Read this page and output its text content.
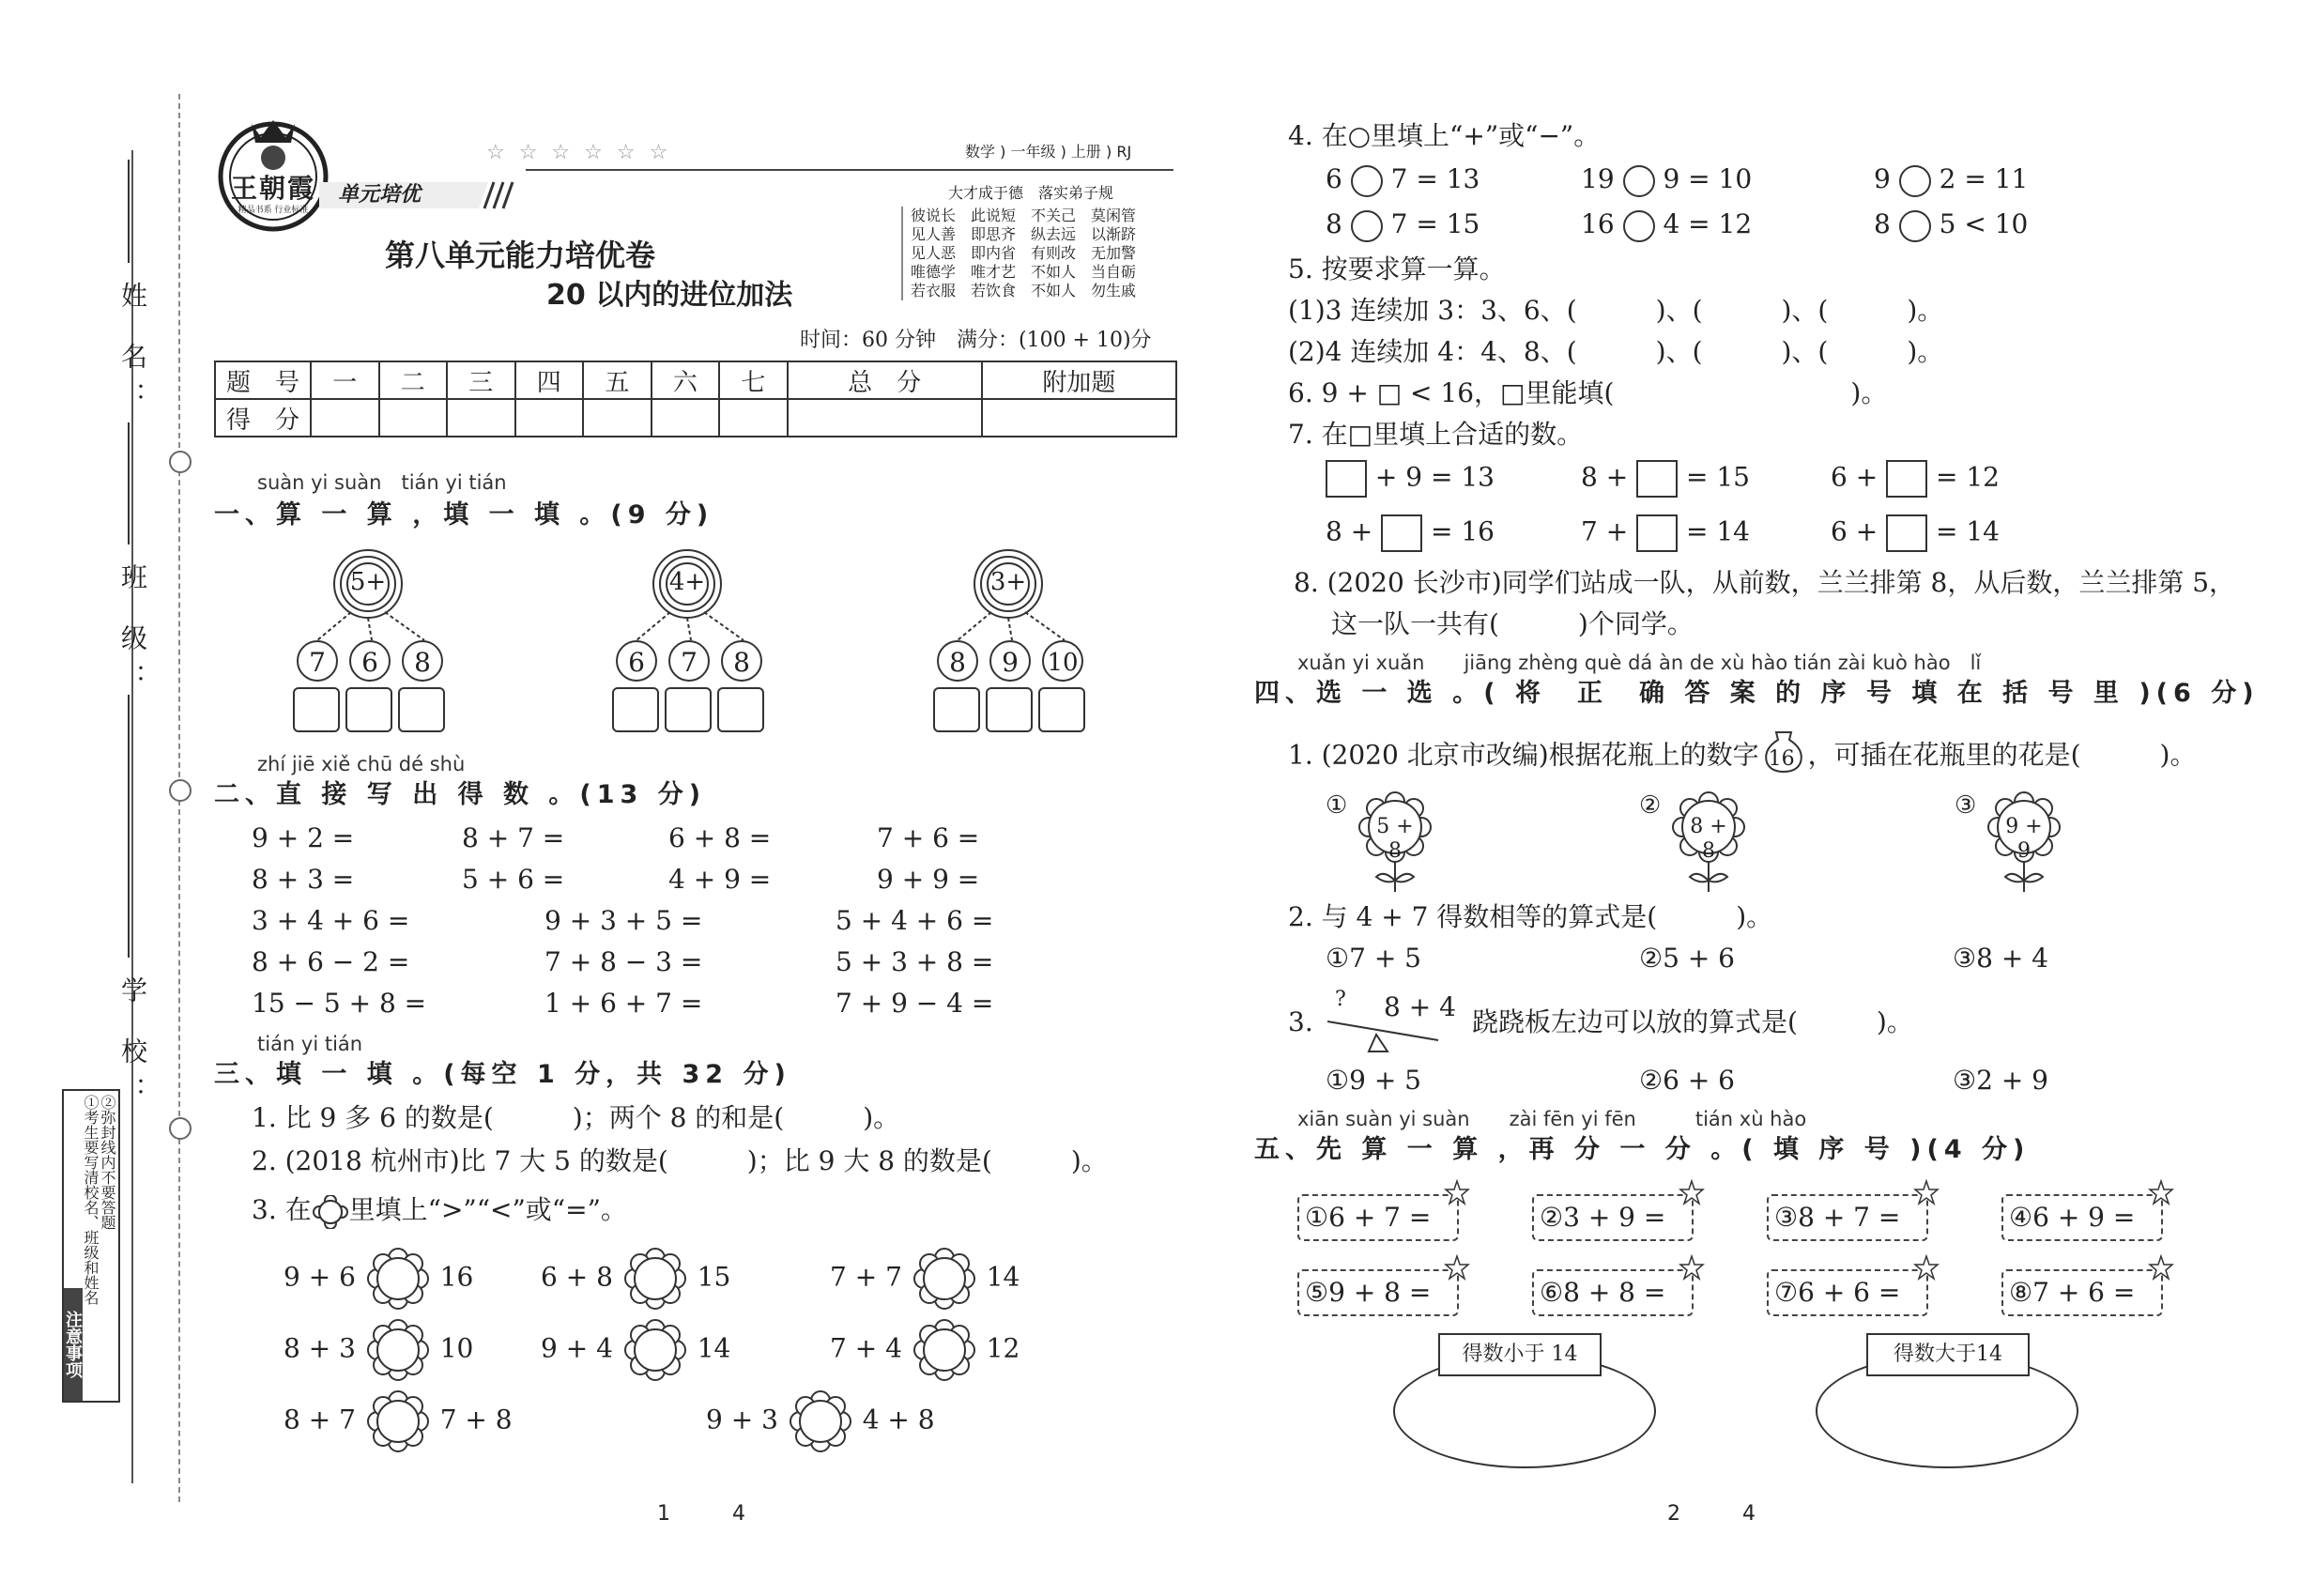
姓 名：
班 级：
学 校：
注意事项
①考生要写清校名、班级和姓名 ②弥封线内不要答题
王朝霞
精品书系 行业标准
单元培优
☆ ☆ ☆ ☆ ☆ ☆	数学 ) 一年级 ) 上册 ) RJ
大才成于德　落实弟子规
彼说长　此说短　不关己　莫闲管
见人善　即思齐　纵去远　以渐跻
见人恶　即内省　有则改　无加警
唯德学　唯才艺　不如人　当自砺
若衣服　若饮食　不如人　勿生戚
第八单元能力培优卷
20 以内的进位加法
时间：60 分钟　满分：(100 + 10)分
题　号	一	二	三	四	五	六	七	总　分	附加题
得　分									
suàn yi suàn　tián yi tián
一、算 一 算 ，填 一 填 。(9 分)
5+
7	6	8
4+
6	7	8
3+
8	9	10
zhí jiē xiě chū dé shù
二、直 接 写 出 得 数 。(13 分)
9 + 2 =	8 + 7 =	6 + 8 =	7 + 6 =
8 + 3 =	5 + 6 =	4 + 9 =	9 + 9 =
3 + 4 + 6 =	9 + 3 + 5 =	5 + 4 + 6 =
8 + 6 − 2 =	7 + 8 − 3 =	5 + 3 + 8 =
15 − 5 + 8 =	1 + 6 + 7 =	7 + 9 − 4 =
tián yi tián
三、填 一 填 。(每空 1 分，共 32 分)
1. 比 9 多 6 的数是(　　　)；两个 8 的和是(　　　)。
2. (2018 杭州市)比 7 大 5 的数是(　　　)；比 9 大 8 的数是(　　　)。
3. 在 里填上“>”“<”或“=”。
9 + 6	16	6 + 8	15	7 + 7	14
8 + 3	10	9 + 4	14	7 + 4	12
8 + 7	7 + 8	9 + 3	4 + 8
1　　　4
4. 在○里填上“+”或“−”。
6 7 = 13	19 9 = 10	9 2 = 11
8 7 = 15	16 4 = 12	8 5 < 10
5. 按要求算一算。
(1)3 连续加 3：3、6、(　　　)、(　　　)、(　　　)。
(2)4 连续加 4：4、8、(　　　)、(　　　)、(　　　)。
6. 9 + □ < 16，□里能填(　　　　　　　　　)。
7. 在□里填上合适的数。
+ 9 = 13	8 + = 15	6 + = 12
8 + = 16	7 + = 14	6 + = 14
8. (2020 长沙市)同学们站成一队，从前数，兰兰排第 8，从后数，兰兰排第 5，
这一队一共有(　　　)个同学。
xuǎn yi xuǎn　　jiāng zhèng què dá àn de xù hào tián zài kuò hào　lǐ
四、选 一 选 。( 将　正　确 答 案 的 序 号 填 在 括 号 里 )(6 分)
1. (2020 北京市改编)根据花瓶上的数字 16 ，可插在花瓶里的花是(　　　)。
①
5 + 8
②
8 + 8
③
9 + 9
2. 与 4 + 7 得数相等的算式是(　　　)。
①7 + 5	②5 + 6	③8 + 4
3.
? 8 + 4 跷跷板左边可以放的算式是(　　　)。
①9 + 5	②6 + 6	③2 + 9
xiān suàn yi suàn　　zài fēn yi fēn　　　tián xù hào
五、先 算 一 算 ，再 分 一 分 。( 填 序 号 )(4 分)
①6 + 7 =	②3 + 9 =	③8 + 7 =	④6 + 9 =
⑤9 + 8 =	⑥8 + 8 =	⑦6 + 6 =	⑧7 + 6 =
得数小于 14	得数大于14
2　　　4
